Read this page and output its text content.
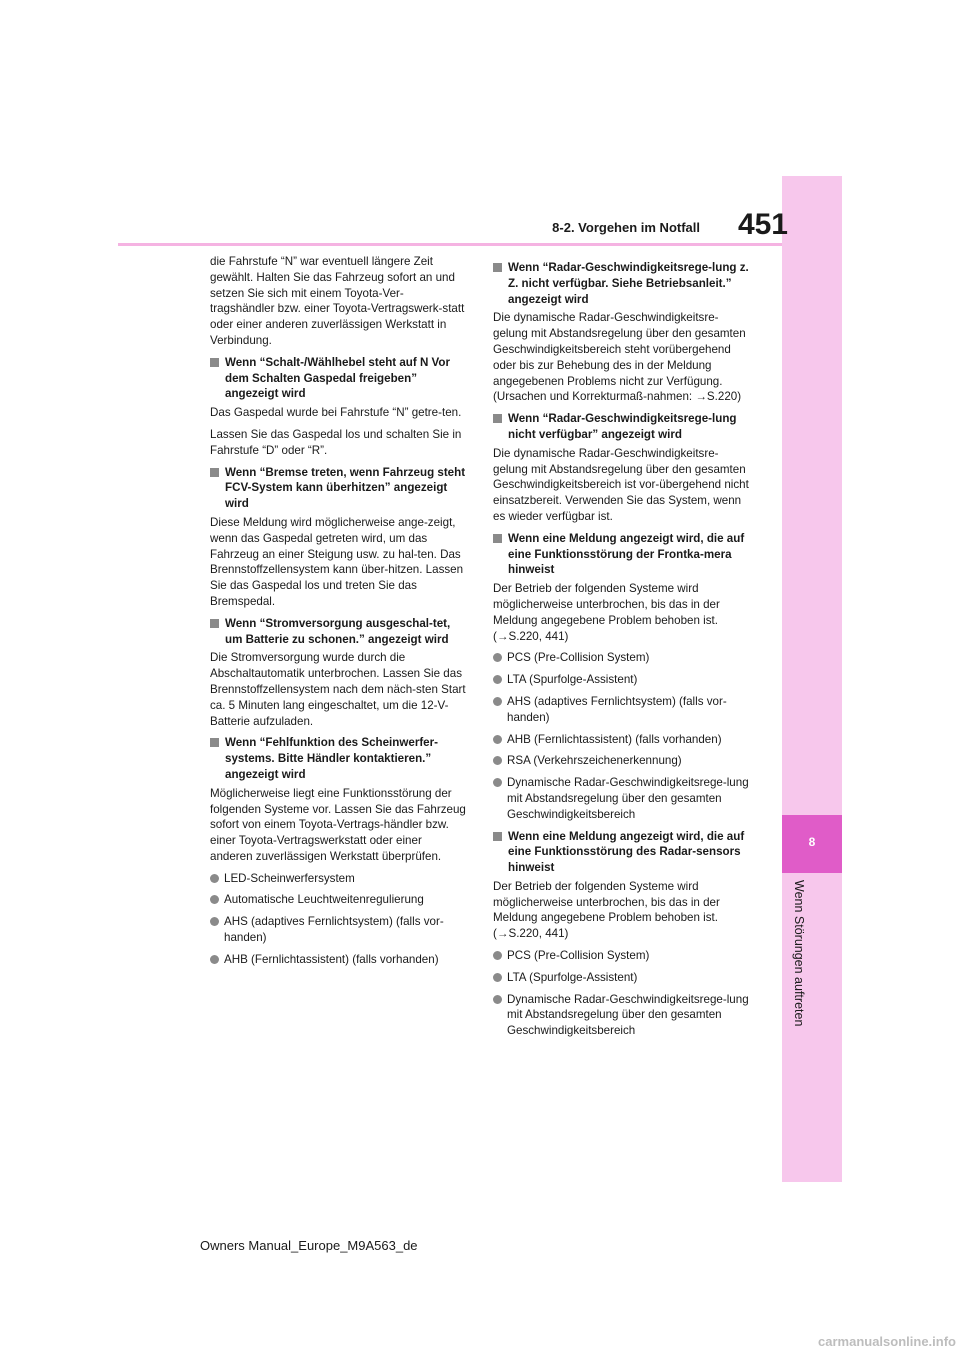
8
Wenn Störungen auftreten
451
8-2. Vorgehen im Notfall

die Fahrstufe “N” war eventuell längere Zeit gewählt. Halten Sie das Fahrzeug sofort an und setzen Sie sich mit einem Toyota-Ver-tragshändler bzw. einer Toyota-Vertragswerk-statt oder einer anderen zuverlässigen Werkstatt in Verbindung.

Wenn “Schalt-/Wählhebel steht auf N Vor dem Schalten Gaspedal freigeben” angezeigt wird

Das Gaspedal wurde bei Fahrstufe “N” getre-ten.

Lassen Sie das Gaspedal los und schalten Sie in Fahrstufe “D” oder “R”.

Wenn “Bremse treten, wenn Fahrzeug steht FCV-System kann überhitzen” angezeigt wird

Diese Meldung wird möglicherweise ange-zeigt, wenn das Gaspedal getreten wird, um das Fahrzeug an einer Steigung usw. zu hal-ten. Das Brennstoffzellensystem kann über-hitzen. Lassen Sie das Gaspedal los und treten Sie das Bremspedal.

Wenn “Stromversorgung ausgeschal-tet, um Batterie zu schonen.” angezeigt wird

Die Stromversorgung wurde durch die Abschaltautomatik unterbrochen. Lassen Sie das Brennstoffzellensystem nach dem näch-sten Start ca. 5 Minuten lang eingeschaltet, um die 12-V-Batterie aufzuladen.

Wenn “Fehlfunktion des Scheinwerfer-systems. Bitte Händler kontaktieren.” angezeigt wird

Möglicherweise liegt eine Funktionsstörung der folgenden Systeme vor. Lassen Sie das Fahrzeug sofort von einem Toyota-Vertrags-händler bzw. einer Toyota-Vertragswerkstatt oder einer anderen zuverlässigen Werkstatt überprüfen.

LED-Scheinwerfersystem
Automatische Leuchtweitenregulierung
AHS (adaptives Fernlichtsystem) (falls vor-handen)
AHB (Fernlichtassistent) (falls vorhanden)
Wenn “Radar-Geschwindigkeitsrege-lung z. Z. nicht verfügbar. Siehe Betriebsanleit.” angezeigt wird

Die dynamische Radar-Geschwindigkeitsre-gelung mit Abstandsregelung über den gesamten Geschwindigkeitsbereich steht vorübergehend oder bis zur Behebung des in der Meldung angegebenen Problems nicht zur Verfügung. (Ursachen und Korrekturmaß-nahmen: →S.220)

Wenn “Radar-Geschwindigkeitsrege-lung nicht verfügbar” angezeigt wird

Die dynamische Radar-Geschwindigkeitsre-gelung mit Abstandsregelung über den gesamten Geschwindigkeitsbereich ist vor-übergehend nicht einsatzbereit. Verwenden Sie das System, wenn es wieder verfügbar ist.

Wenn eine Meldung angezeigt wird, die auf eine Funktionsstörung der Frontka-mera hinweist

Der Betrieb der folgenden Systeme wird möglicherweise unterbrochen, bis das in der Meldung angegebene Problem behoben ist. (→S.220, 441)

PCS (Pre-Collision System)
LTA (Spurfolge-Assistent)
AHS (adaptives Fernlichtsystem) (falls vor-handen)
AHB (Fernlichtassistent) (falls vorhanden)
RSA (Verkehrszeichenerkennung)
Dynamische Radar-Geschwindigkeitsrege-lung mit Abstandsregelung über den gesamten Geschwindigkeitsbereich
Wenn eine Meldung angezeigt wird, die auf eine Funktionsstörung des Radar-sensors hinweist

Der Betrieb der folgenden Systeme wird möglicherweise unterbrochen, bis das in der Meldung angegebene Problem behoben ist. (→S.220, 441)

PCS (Pre-Collision System)
LTA (Spurfolge-Assistent)
Dynamische Radar-Geschwindigkeitsrege-lung mit Abstandsregelung über den gesamten Geschwindigkeitsbereich
Owners Manual_Europe_M9A563_de
carmanualsonline.info
